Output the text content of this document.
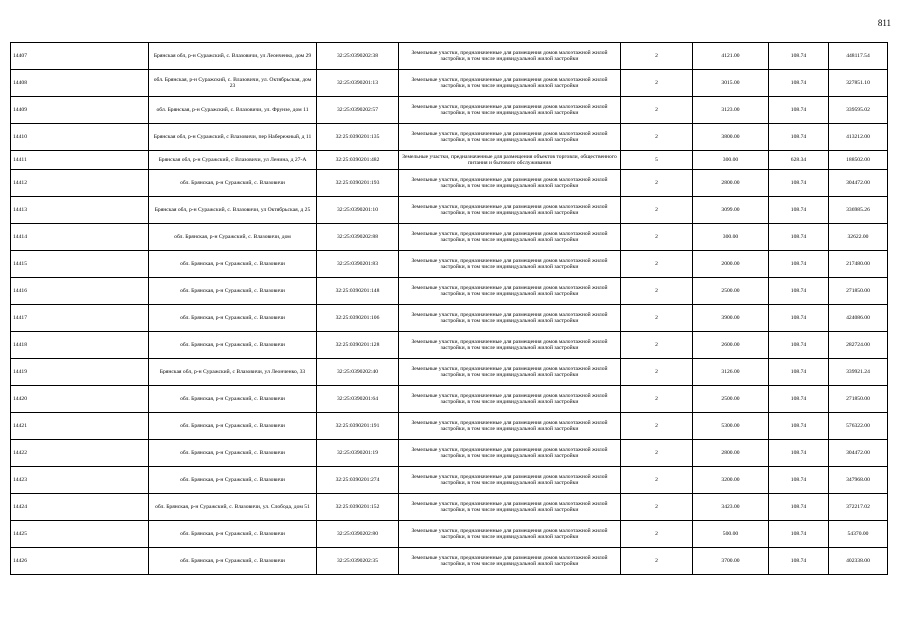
811
14407	Брянская обл, р-н Суражский, с. Влазовичи, ул Леонченко, дом 29	32:25:0390202:38	Земельные участки, предназначенные для размещения домов малоэтажной жилой застройки, в том числе индивидуальной жилой застройки	2	4121.00	108.74	448117.54
14408	обл. Брянская, р-н Суражский, с. Влазовичи, ул. Октябрьская, дом 23	32:25:0390201:13	Земельные участки, предназначенные для размещения домов малоэтажной жилой застройки, в том числе индивидуальной жилой застройки	2	3015.00	108.74	327851.10
14409	обл. Брянская, р-н Суражский, с. Влазовичи, ул. Фрунзе, дом 11	32:25:0390202:57	Земельные участки, предназначенные для размещения домов малоэтажной жилой застройки, в том числе индивидуальной жилой застройки	2	3123.00	108.74	339595.02
14410	Брянская обл, р-н Суражский, с Влазовичи, пер Набережный, д 11	32:25:0390201:135	Земельные участки, предназначенные для размещения домов малоэтажной жилой застройки, в том числе индивидуальной жилой застройки	2	3800.00	108.74	413212.00
14411	Брянская обл, р-н Суражский, с Влазовичи, ул Ленина, д 27-А	32:25:0390201:482	Земельные участки, предназначенные для размещения объектов торговли, общественного питания и бытового обслуживания	5	300.00	628.34	188502.00
14412	обл. Брянская, р-н Суражский, с. Влазовичи	32:25:0390201:193	Земельные участки, предназначенные для размещения домов малоэтажной жилой застройки, в том числе индивидуальной жилой застройки	2	2800.00	108.74	304472.00
14413	Брянская обл, р-н Суражский, с. Влазовичи, ул Октябрьская, д 25	32:25:0390201:10	Земельные участки, предназначенные для размещения домов малоэтажной жилой застройки, в том числе индивидуальной жилой застройки	2	3099.00	108.74	336985.26
14414	обл. Брянская, р-н Суражский, с. Влазовичи, дом	32:25:0390202:88	Земельные участки, предназначенные для размещения домов малоэтажной жилой застройки, в том числе индивидуальной жилой застройки	2	300.00	108.74	32622.00
14415	обл. Брянская, р-н Суражский, с. Влазовичи	32:25:0390201:83	Земельные участки, предназначенные для размещения домов малоэтажной жилой застройки, в том числе индивидуальной жилой застройки	2	2000.00	108.74	217480.00
14416	обл. Брянская, р-н Суражский, с. Влазовичи	32:25:0390201:148	Земельные участки, предназначенные для размещения домов малоэтажной жилой застройки, в том числе индивидуальной жилой застройки	2	2500.00	108.74	271850.00
14417	обл. Брянская, р-н Суражский, с. Влазовичи	32:25:0390201:106	Земельные участки, предназначенные для размещения домов малоэтажной жилой застройки, в том числе индивидуальной жилой застройки	2	3900.00	108.74	424086.00
14418	обл. Брянская, р-н Суражский, с. Влазовичи	32:25:0390201:128	Земельные участки, предназначенные для размещения домов малоэтажной жилой застройки, в том числе индивидуальной жилой застройки	2	2600.00	108.74	282724.00
14419	Брянская обл, р-н Суражский, с Влазовичи, ул Леонченко, 33	32:25:0390202:40	Земельные участки, предназначенные для размещения домов малоэтажной жилой застройки, в том числе индивидуальной жилой застройки	2	3126.00	108.74	339921.24
14420	обл. Брянская, р-н Суражский, с. Влазовичи	32:25:0390201:64	Земельные участки, предназначенные для размещения домов малоэтажной жилой застройки, в том числе индивидуальной жилой застройки	2	2500.00	108.74	271850.00
14421	обл. Брянская, р-н Суражский, с. Влазовичи	32:25:0390201:191	Земельные участки, предназначенные для размещения домов малоэтажной жилой застройки, в том числе индивидуальной жилой застройки	2	5300.00	108.74	576322.00
14422	обл. Брянская, р-н Суражский, с. Влазовичи	32:25:0390201:19	Земельные участки, предназначенные для размещения домов малоэтажной жилой застройки, в том числе индивидуальной жилой застройки	2	2800.00	108.74	304472.00
14423	обл. Брянская, р-н Суражский, с. Влазовичи	32:25:0390201:274	Земельные участки, предназначенные для размещения домов малоэтажной жилой застройки, в том числе индивидуальной жилой застройки	2	3200.00	108.74	347968.00
14424	обл. Брянская, р-н Суражский, с. Влазовичи, ул. Слобода, дом 51	32:25:0390201:152	Земельные участки, предназначенные для размещения домов малоэтажной жилой застройки, в том числе индивидуальной жилой застройки	2	3423.00	108.74	372217.02
14425	обл. Брянская, р-н Суражский, с. Влазовичи	32:25:0390202:80	Земельные участки, предназначенные для размещения домов малоэтажной жилой застройки, в том числе индивидуальной жилой застройки	2	500.00	108.74	54370.00
14426	обл. Брянская, р-н Суражский, с. Влазовичи	32:25:0390202:35	Земельные участки, предназначенные для размещения домов малоэтажной жилой застройки, в том числе индивидуальной жилой застройки	2	3700.00	108.74	402338.00
